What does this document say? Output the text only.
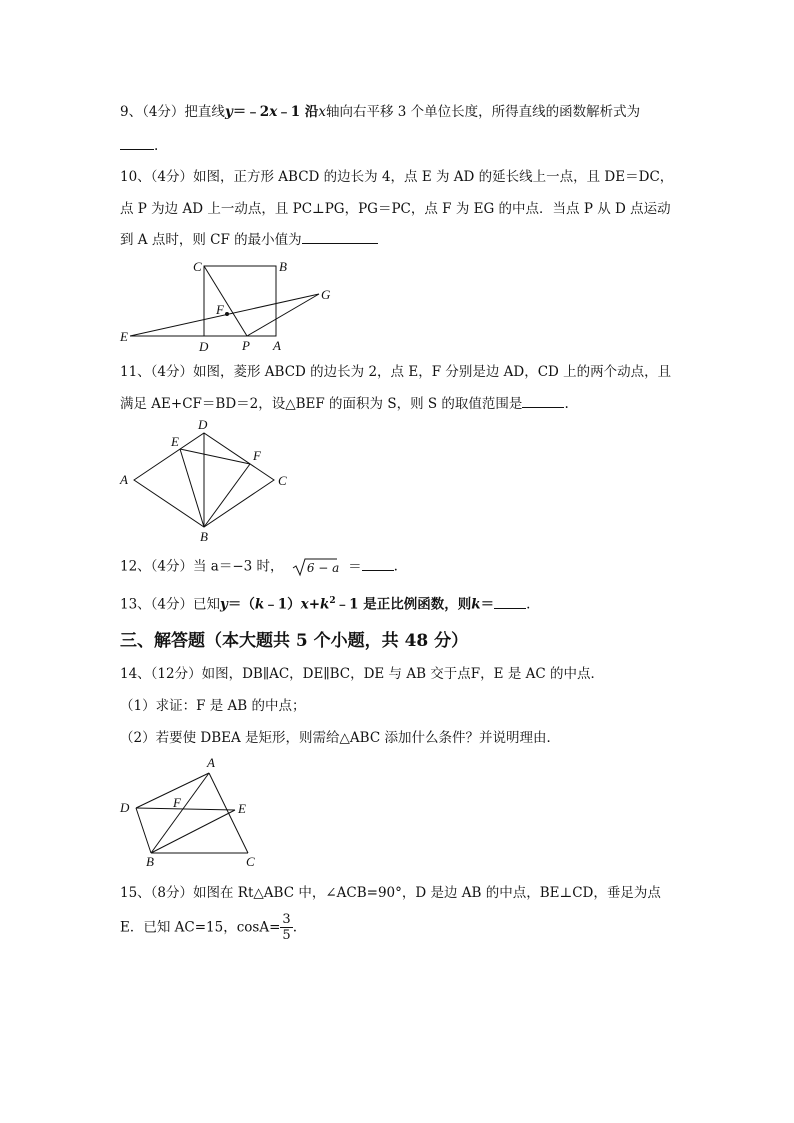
9、（4分）把直线y＝﹣2x﹣1 沿x轴向右平移 3 个单位长度，所得直线的函数解析式为
.
10、（4分）如图，正方形 ABCD 的边长为 4，点 E 为 AD 的延长线上一点，且 DE＝DC，
点 P 为边 AD 上一动点，且 PC⊥PG，PG＝PC，点 F 为 EG 的中点．当点 P 从 D 点运动
到 A 点时，则 CF 的最小值为
C	B
G
F
E
D	P A
D
E
F
A	C
B
A
D	F	E
B	C
11、（4分）如图，菱形 ABCD 的边长为 2，点 E，F 分别是边 AD，CD 上的两个动点，且
满足 AE+CF＝BD＝2，设△BEF 的面积为 S，则 S 的取值范围是	.
12、（4分）当 a＝−3 时， 6 − a ＝ .
13、（4分）已知$y=(k﹣1)x+k^2﹣1$ 是正比例函数，则k＝ .
三、解答题（本大题共 5 个小题，共 48 分）
14、（12分）如图，DB∥AC，DE∥BC，DE 与 AB 交于点F，E 是 AC 的中点．
（1）求证：F 是 AB 的中点；
（2）若要使 DBEA 是矩形，则需给△ABC 添加什么条件？并说明理由．
15、（8分）如图在 Rt△ABC 中，∠ACB=90°，D 是边 AB 的中点，BE⊥CD，垂足为点
E．已知 AC=15，$\cos A= \frac{3}{5}$ .
